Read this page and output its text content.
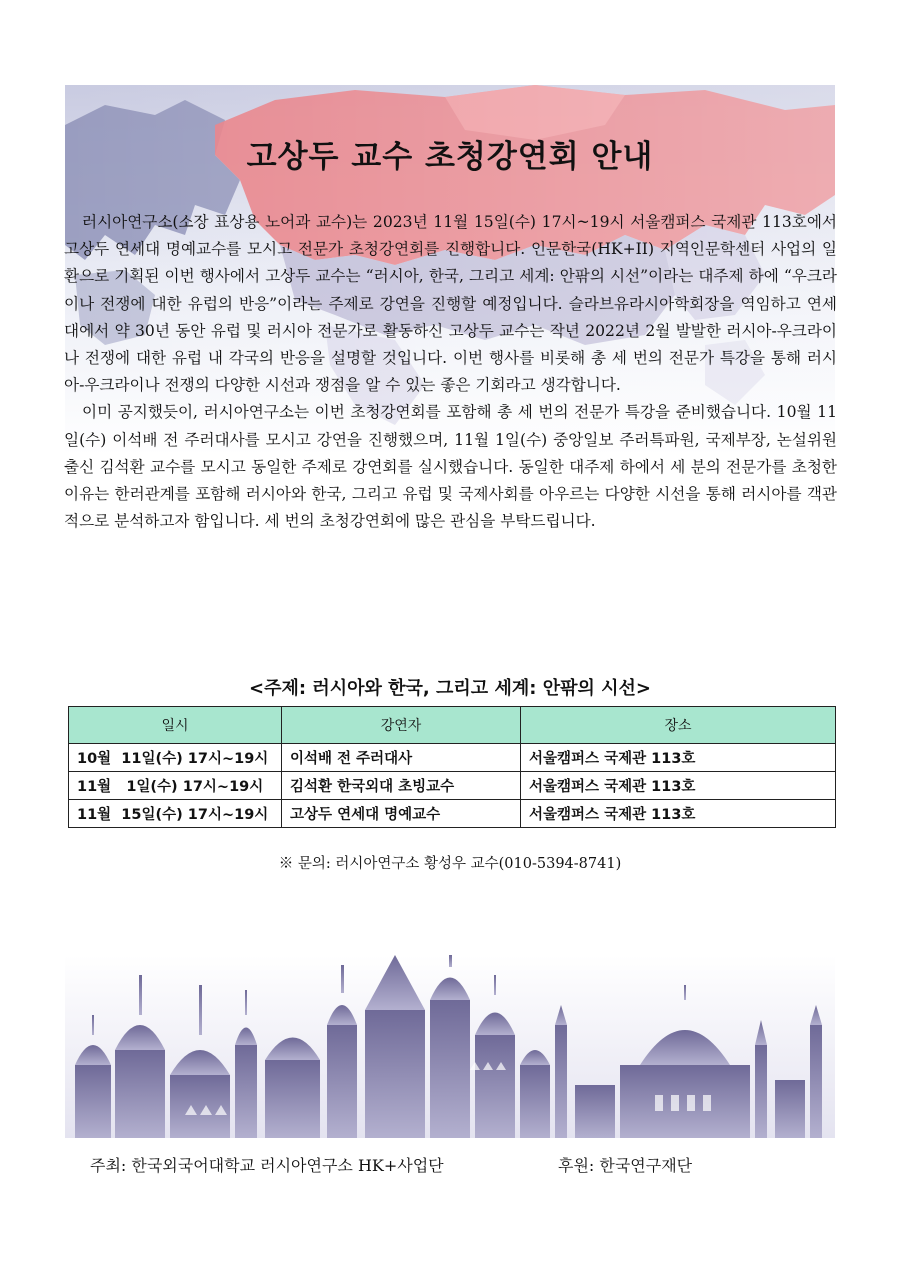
고상두 교수 초청강연회 안내

러시아연구소(소장 표상용 노어과 교수)는 2023년 11월 15일(수) 17시~19시 서울캠퍼스 국제관 113호에서 고상두 연세대 명예교수를 모시고 전문가 초청강연회를 진행합니다. 인문한국(HK+II) 지역인문학센터 사업의 일환으로 기획된 이번 행사에서 고상두 교수는 “러시아, 한국, 그리고 세계: 안팎의 시선”이라는 대주제 하에 “우크라이나 전쟁에 대한 유럽의 반응”이라는 주제로 강연을 진행할 예정입니다. 슬라브유라시아학회장을 역임하고 연세대에서 약 30년 동안 유럽 및 러시아 전문가로 활동하신 고상두 교수는 작년 2022년 2월 발발한 러시아-우크라이나 전쟁에 대한 유럽 내 각국의 반응을 설명할 것입니다. 이번 행사를 비롯해 총 세 번의 전문가 특강을 통해 러시아-우크라이나 전쟁의 다양한 시선과 쟁점을 알 수 있는 좋은 기회라고 생각합니다.

이미 공지했듯이, 러시아연구소는 이번 초청강연회를 포함해 총 세 번의 전문가 특강을 준비했습니다. 10월 11일(수) 이석배 전 주러대사를 모시고 강연을 진행했으며, 11월 1일(수) 중앙일보 주러특파원, 국제부장, 논설위원 출신 김석환 교수를 모시고 동일한 주제로 강연회를 실시했습니다. 동일한 대주제 하에서 세 분의 전문가를 초청한 이유는 한러관계를 포함해 러시아와 한국, 그리고 유럽 및 국제사회를 아우르는 다양한 시선을 통해 러시아를 객관적으로 분석하고자 함입니다. 세 번의 초청강연회에 많은 관심을 부탁드립니다.

<주제: 러시아와 한국, 그리고 세계: 안팎의 시선>
일시	강연자	장소
10월  11일(수) 17시~19시	이석배 전 주러대사	서울캠퍼스 국제관 113호
11월   1일(수) 17시~19시	김석환 한국외대 초빙교수	서울캠퍼스 국제관 113호
11월  15일(수) 17시~19시	고상두 연세대 명예교수	서울캠퍼스 국제관 113호
※ 문의: 러시아연구소 황성우 교수(010-5394-8741)
주최: 한국외국어대학교 러시아연구소 HK+사업단	후원: 한국연구재단
